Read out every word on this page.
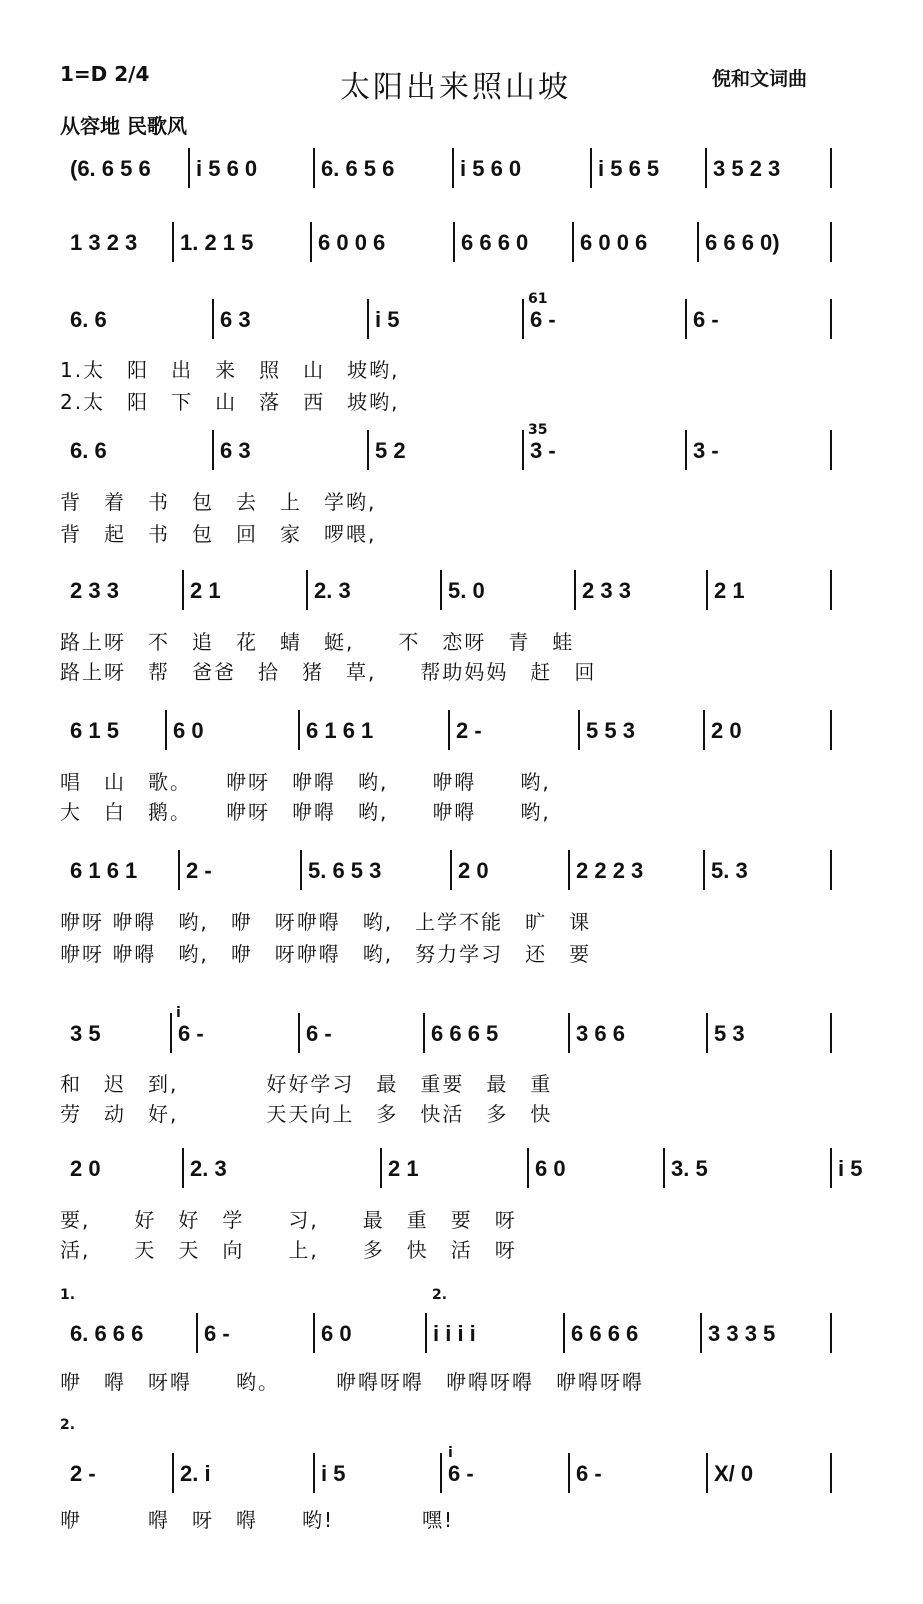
1=D 2/4	太阳出来照山坡	倪和文词曲
从容地 民歌风
(6. 6 5 6 i 5 6 0	6. 6 5 6	i 5 6 0	i 5 6 5 3 5 2 3
1 3 2 3 1. 2 1 5	6 0 0 6	6 6 6 0 6 0 0 6	6 6 6 0)
6. 6	6 3	i 5	6 -	6 -
61
1.太　阳　出　来　照　山　坡哟,
2.太　阳　下　山　落　西　坡哟,
6. 6	6 3	5 2	3 -	3 -
35
背　着　书　包　去　上　学哟,
背　起　书　包　回　家　啰喂,
2 3 3	2 1	2. 3	5. 0	2 3 3	2 1
路上呀　不　追　花　蜻　蜓,　　不　恋呀　青　蛙
路上呀　帮　爸爸　拾　猪　草,　　帮助妈妈　赶　回
6 1 5 6 0	6 1 6 1	2 -	5 5 3	2 0
唱　山　歌。　　咿呀　咿嘚　哟,　　咿嘚　　哟,
大　白　鹅。　　咿呀　咿嘚　哟,　　咿嘚　　哟,
6 1 6 1 2 -	5. 6 5 3	2 0	2 2 2 3	5. 3
咿呀 咿嘚　哟,　咿　呀咿嘚　哟,　上学不能　旷　课
咿呀 咿嘚　哟,　咿　呀咿嘚　哟,　努力学习　还　要
3 5	6 -	6 -	6 6 6 5	3 6 6	5 3
i
和　迟　到,　　　　好好学习　最　重要　最　重
劳　动　好,　　　　天天向上　多　快活　多　快
2 0	2. 3	2 1	6 0	3. 5	i 5
要,　　好　好　学　　习,　　最　重　要　呀
活,　　天　天　向　　上,　　多　快　活　呀
6. 6 6 6	6 -	6 0	i i i i	6 6 6 6	3 3 3 5
1.	2.
咿　嘚　呀嘚　　哟。　　　咿嘚呀嘚　咿嘚呀嘚　咿嘚呀嘚
2 -	2. i	i 5	6 -	6 -	X/ 0
i
2.
咿　　　嘚　呀　嘚　　哟!　　　　嘿!
